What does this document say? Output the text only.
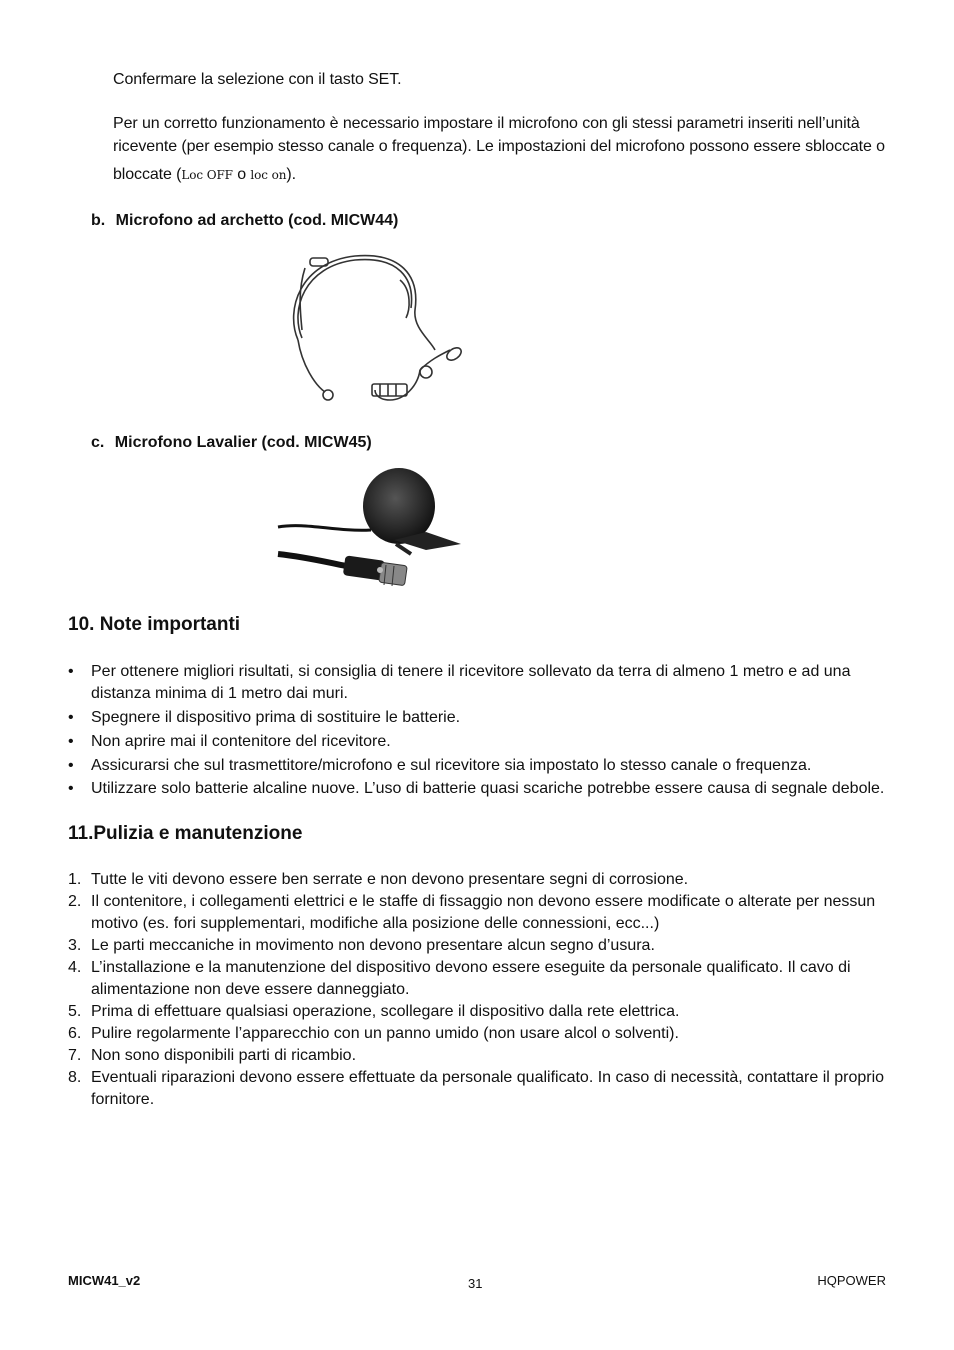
Confermare la selezione con il tasto SET.
Per un corretto funzionamento è necessario impostare il microfono con gli stessi parametri inseriti nell’unità ricevente (per esempio stesso canale o frequenza). Le impostazioni del microfono possono essere sbloccate o
bloccate (Loc OFF o loc on).
b. Microfono ad archetto (cod. MICW44)
c. Microfono Lavalier (cod. MICW45)
10. Note importanti
•	Per ottenere migliori risultati, si consiglia di tenere il ricevitore sollevato da terra di almeno 1 metro e ad una distanza minima di 1 metro dai muri.
•	Spegnere il dispositivo prima di sostituire le batterie.
•	Non aprire mai il contenitore del ricevitore.
•	Assicurarsi che sul trasmettitore/microfono e sul ricevitore sia impostato lo stesso canale o frequenza.
•	Utilizzare solo batterie alcaline nuove. L’uso di batterie quasi scariche potrebbe essere causa di segnale debole.
11.Pulizia e manutenzione
1. Tutte le viti devono essere ben serrate e non devono presentare segni di corrosione.
2. Il contenitore, i collegamenti elettrici e le staffe di fissaggio non devono essere modificate o alterate per nessun motivo (es. fori supplementari, modifiche alla posizione delle connessioni, ecc...)
3. Le parti meccaniche in movimento non devono presentare alcun segno d’usura.
4. L’installazione e la manutenzione del dispositivo devono essere eseguite da personale qualificato. Il cavo di alimentazione non deve essere danneggiato.
5. Prima di effettuare qualsiasi operazione, scollegare il dispositivo dalla rete elettrica.
6. Pulire regolarmente l’apparecchio con un panno umido (non usare alcol o solventi).
7. Non sono disponibili parti di ricambio.
8. Eventuali riparazioni devono essere effettuate da personale qualificato. In caso di necessità, contattare il proprio fornitore.
MICW41_v2	31	HQPOWER
